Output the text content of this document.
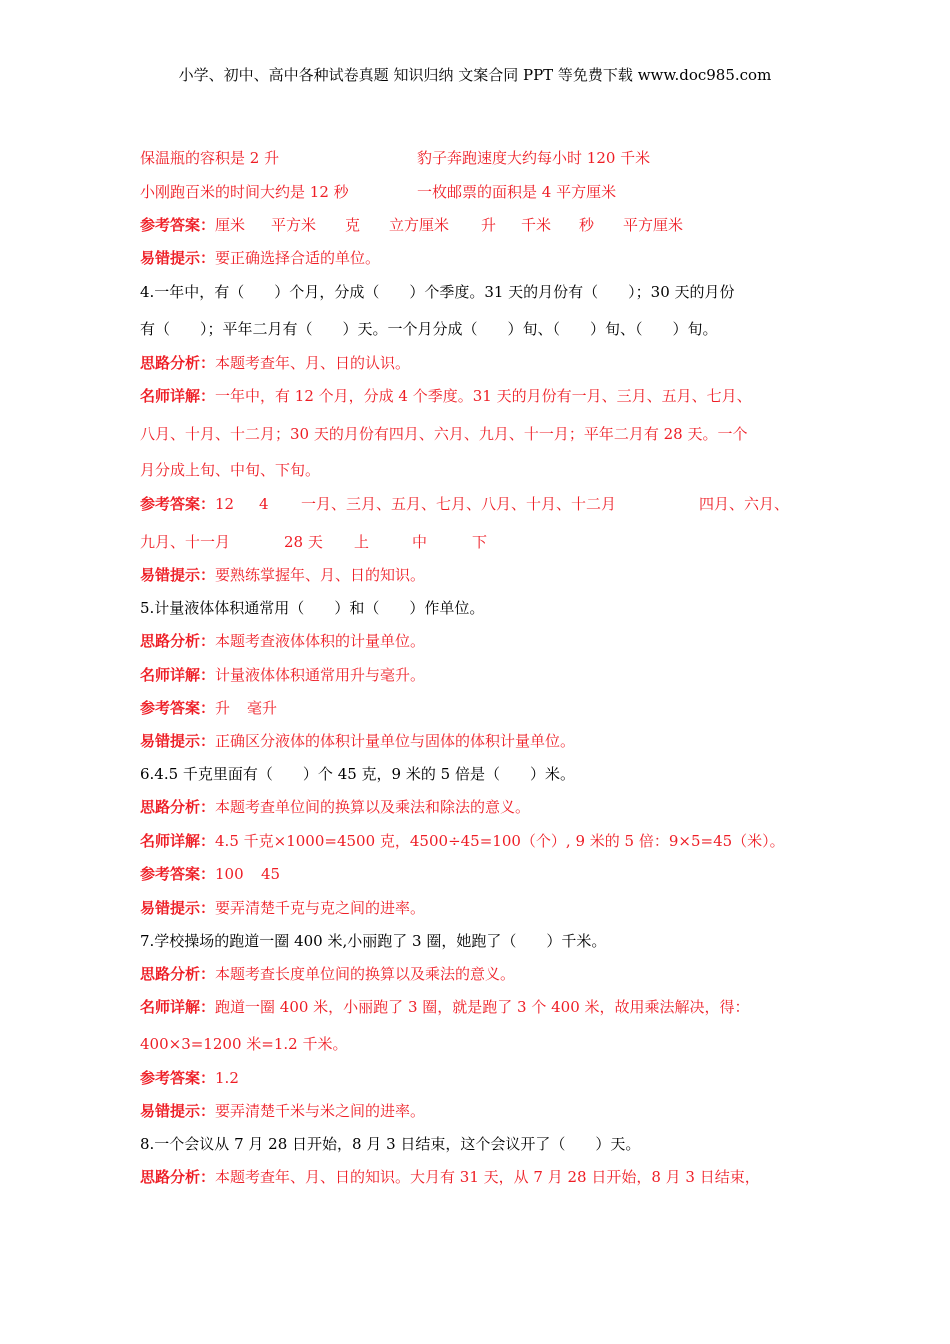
小学、初中、高中各种试卷真题 知识归纳 文案合同 PPT 等免费下载 www.doc985.com
保温瓶的容积是 2 升	豹子奔跑速度大约每小时 120 千米
小刚跑百米的时间大约是 12 秒	一枚邮票的面积是 4 平方厘米
参考答案：厘米 平方米 克 立方厘米 升 千米 秒 平方厘米
易错提示：要正确选择合适的单位。
4.一年中，有（　　）个月，分成（　　）个季度。31 天的月份有（　　）；30 天的月份
有（　　）；平年二月有（　　）天。一个月分成（　　）旬、（　　）旬、（　　）旬。
思路分析：本题考查年、月、日的认识。
名师详解：一年中，有 12 个月，分成 4 个季度。31 天的月份有一月、三月、五月、七月、
八月、十月、十二月；30 天的月份有四月、六月、九月、十一月；平年二月有 28 天。一个
月分成上旬、中旬、下旬。
参考答案：12 4 一月、三月、五月、七月、八月、十月、十二月	四月、六月、
九月、十一月	28 天 上	中	下
易错提示：要熟练掌握年、月、日的知识。
5.计量液体体积通常用（　　）和（　　）作单位。
思路分析：本题考查液体体积的计量单位。
名师详解：计量液体体积通常用升与毫升。
参考答案：升 毫升
易错提示：正确区分液体的体积计量单位与固体的体积计量单位。
6.4.5 千克里面有（　　）个 45 克，9 米的 5 倍是（　　）米。
思路分析：本题考查单位间的换算以及乘法和除法的意义。
名师详解：4.5 千克×1000=4500 克，4500÷45=100（个）, 9 米的 5 倍：9×5=45（米）。
参考答案：100 45
易错提示：要弄清楚千克与克之间的进率。
7.学校操场的跑道一圈 400 米,小丽跑了 3 圈，她跑了（　　）千米。
思路分析：本题考查长度单位间的换算以及乘法的意义。
名师详解：跑道一圈 400 米，小丽跑了 3 圈，就是跑了 3 个 400 米，故用乘法解决，得：
400×3=1200 米=1.2 千米。
参考答案：1.2
易错提示：要弄清楚千米与米之间的进率。
8.一个会议从 7 月 28 日开始，8 月 3 日结束，这个会议开了（　　）天。
思路分析：本题考查年、月、日的知识。大月有 31 天，从 7 月 28 日开始，8 月 3 日结束，
